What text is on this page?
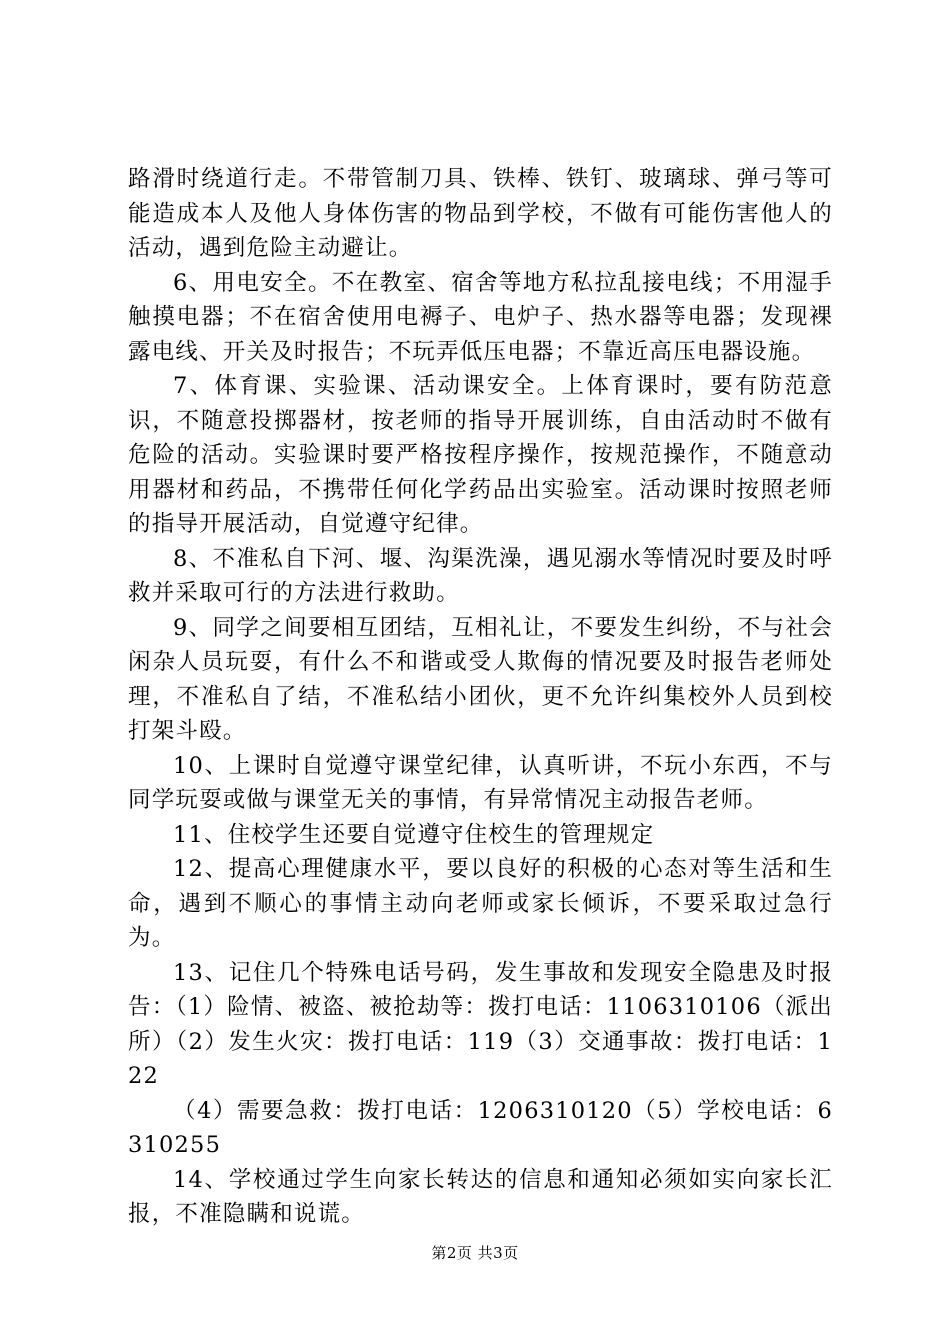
路滑时绕道行走。不带管制刀具、铁棒、铁钉、玻璃球、弹弓等可能造成本人及他人身体伤害的物品到学校，不做有可能伤害他人的活动，遇到危险主动避让。

6、用电安全。不在教室、宿舍等地方私拉乱接电线；不用湿手触摸电器；不在宿舍使用电褥子、电炉子、热水器等电器；发现裸露电线、开关及时报告；不玩弄低压电器；不靠近高压电器设施。

7、体育课、实验课、活动课安全。上体育课时，要有防范意识，不随意投掷器材，按老师的指导开展训练，自由活动时不做有危险的活动。实验课时要严格按程序操作，按规范操作，不随意动用器材和药品，不携带任何化学药品出实验室。活动课时按照老师的指导开展活动，自觉遵守纪律。

8、不准私自下河、堰、沟渠洗澡，遇见溺水等情况时要及时呼救并采取可行的方法进行救助。

9、同学之间要相互团结，互相礼让，不要发生纠纷，不与社会闲杂人员玩耍，有什么不和谐或受人欺侮的情况要及时报告老师处理，不准私自了结，不准私结小团伙，更不允许纠集校外人员到校打架斗殴。

10、上课时自觉遵守课堂纪律，认真听讲，不玩小东西，不与同学玩耍或做与课堂无关的事情，有异常情况主动报告老师。

11、住校学生还要自觉遵守住校生的管理规定

12、提高心理健康水平，要以良好的积极的心态对等生活和生命，遇到不顺心的事情主动向老师或家长倾诉，不要采取过急行为。

13、记住几个特殊电话号码，发生事故和发现安全隐患及时报告：（1）险情、被盗、被抢劫等：拨打电话：1106310106（派出所）（2）发生火灾：拨打电话：119（3）交通事故：拨打电话：122

（4）需要急救：拨打电话：1206310120（5）学校电话：6310255

14、学校通过学生向家长转达的信息和通知必须如实向家长汇报，不准隐瞒和说谎。

第2页 共3页
